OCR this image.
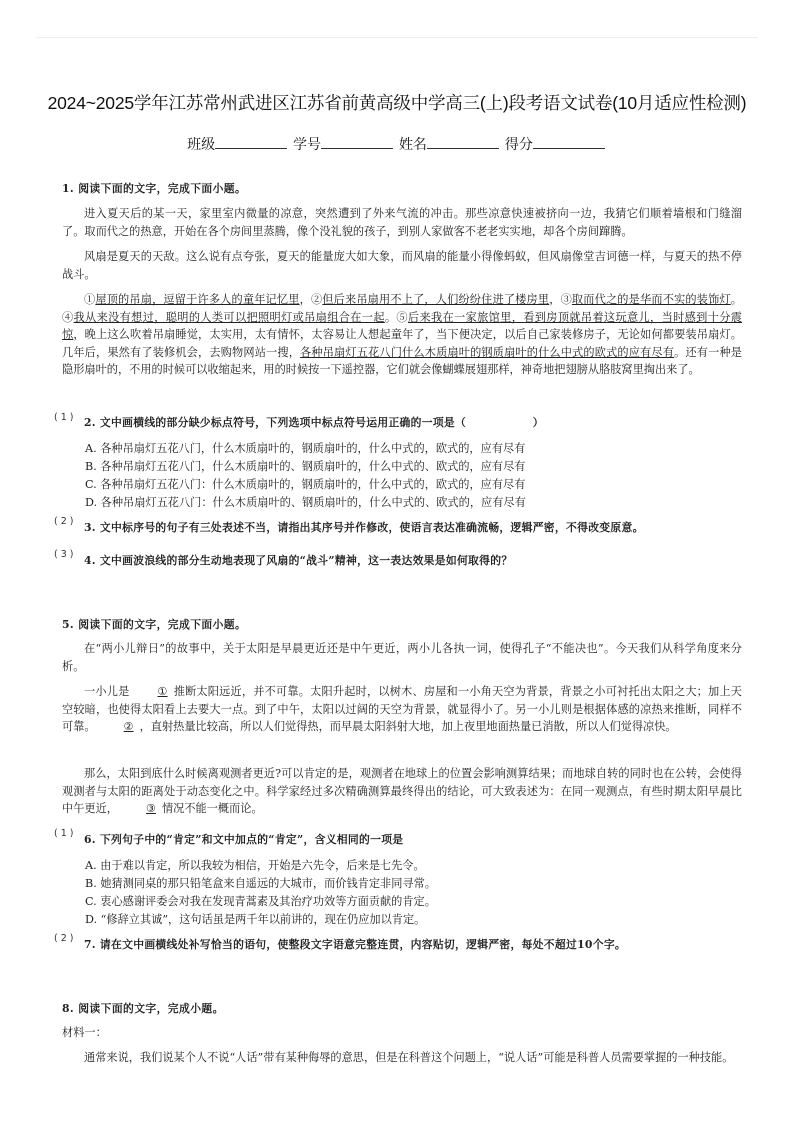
2024~2025学年江苏常州武进区江苏省前黄高级中学高三(上)段考语文试卷(10月适应性检测)
班级	学号	姓名	得分
1. 阅读下面的文字，完成下面小题。
进入夏天后的某一天，家里室内微量的凉意，突然遭到了外来气流的冲击。那些凉意快速被挤向一边，我猜它们顺着墙根和门缝溜了。取而代之的热意，开始在各个房间里蒸腾，像个没礼貌的孩子，到别人家做客不老老实实地，却各个房间蹿腾。
风扇是夏天的天敌。这么说有点夸张，夏天的能量庞大如大象，而风扇的能量小得像蚂蚁，但风扇像堂吉诃德一样，与夏天的热不停战斗。
①屋顶的吊扇，逗留于许多人的童年记忆里，②但后来吊扇用不上了，人们纷纷住进了楼房里，③取而代之的是华而不实的装饰灯。④我从来没有想过，聪明的人类可以把照明灯或吊扇组合在一起。⑤后来我在一家旅馆里，看到房顶就吊着这玩意儿，当时感到十分震惊，晚上这么吹着吊扇睡觉，太实用，太有情怀，太容易让人想起童年了，当下便决定，以后自己家装修房子，无论如何都要装吊扇灯。几年后，果然有了装修机会，去购物网站一搜，各种吊扇灯五花八门什么木质扇叶的钢质扇叶的什么中式的欧式的应有尽有。还有一种是隐形扇叶的，不用的时候可以收缩起来，用的时候按一下遥控器，它们就会像蝴蝶展翅那样，神奇地把翅膀从胳肢窝里掏出来了。
( 1 ) 2. 文中画横线的部分缺少标点符号，下列选项中标点符号运用正确的一项是（　　　　　　）
A. 各种吊扇灯五花八门，什么木质扇叶的，钢质扇叶的，什么中式的，欧式的，应有尽有
B. 各种吊扇灯五花八门，什么木质扇叶的、钢质扇叶的，什么中式的、欧式的，应有尽有
C. 各种吊扇灯五花八门：什么木质扇叶的，钢质扇叶的，什么中式的，欧式的，应有尽有
D. 各种吊扇灯五花八门：什么木质扇叶的、钢质扇叶的，什么中式的、欧式的，应有尽有
( 2 ) 3. 文中标序号的句子有三处表述不当，请指出其序号并作修改，使语言表达准确流畅，逻辑严密，不得改变原意。
( 3 ) 4. 文中画波浪线的部分生动地表现了风扇的“战斗”精神，这一表达效果是如何取得的？
5. 阅读下面的文字，完成下面小题。
在“两小儿辩日”的故事中，关于太阳是早晨更近还是中午更近，两小儿各执一词，使得孔子“不能决也”。今天我们从科学角度来分析。
一小儿是	① 推断太阳远近，并不可靠。太阳升起时，以树木、房屋和一小角天空为背景，背景之小可衬托出太阳之大；加上天空较暗，也使得太阳看上去要大一点。到了中午，太阳以过阔的天空为背景，就显得小了。另一小儿则是根据体感的凉热来推断，同样不可靠。	② ，直射热量比较高，所以人们觉得热，而早晨太阳斜射大地，加上夜里地面热量已消散，所以人们觉得凉快。
那么，太阳到底什么时候离观测者更近?可以肯定的是，观测者在地球上的位置会影响测算结果；而地球自转的同时也在公转，会使得观测者与太阳的距离处于动态变化之中。科学家经过多次精确测算最终得出的结论，可大致表述为：在同一观测点，有些时期太阳早晨比中午更近，	③ 情况不能一概而论。
( 1 ) 6. 下列句子中的“肯定”和文中加点的“肯定”，含义相同的一项是
A. 由于难以肯定，所以我较为相信，开始是六先令，后来是七先令。
B. 她猜测同桌的那只铅笔盒来自遥远的大城市，而价钱肯定非同寻常。
C. 衷心感谢评委会对我在发现青蒿素及其治疗功效等方面贡献的肯定。
D. “修辞立其诚”，这句话虽是两千年以前讲的，现在仍应加以肯定。
( 2 ) 7. 请在文中画横线处补写恰当的语句，使整段文字语意完整连贯，内容贴切，逻辑严密，每处不超过10个字。
8. 阅读下面的文字，完成小题。
材料一：
通常来说，我们说某个人不说“人话”带有某种侮辱的意思，但是在科普这个问题上，“说人话”可能是科普人员需要掌握的一种技能。
